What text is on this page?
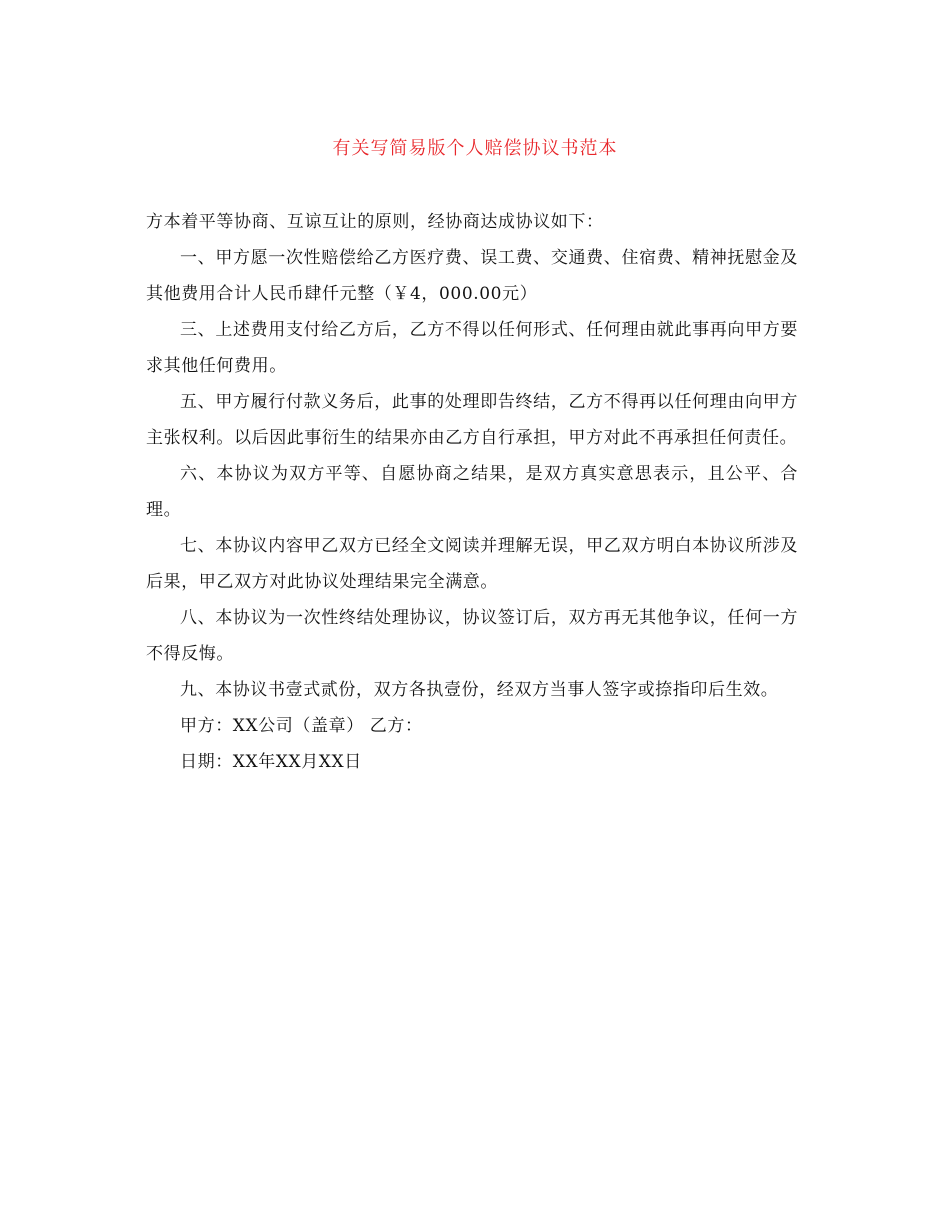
有关写简易版个人赔偿协议书范本

方本着平等协商、互谅互让的原则，经协商达成协议如下：

一、甲方愿一次性赔偿给乙方医疗费、误工费、交通费、住宿费、精神抚慰金及其他费用合计人民币肆仟元整（￥4，000.00元）

三、上述费用支付给乙方后，乙方不得以任何形式、任何理由就此事再向甲方要求其他任何费用。

五、甲方履行付款义务后，此事的处理即告终结，乙方不得再以任何理由向甲方主张权利。以后因此事衍生的结果亦由乙方自行承担，甲方对此不再承担任何责任。

六、本协议为双方平等、自愿协商之结果，是双方真实意思表示，且公平、合理。

七、本协议内容甲乙双方已经全文阅读并理解无误，甲乙双方明白本协议所涉及后果，甲乙双方对此协议处理结果完全满意。

八、本协议为一次性终结处理协议，协议签订后，双方再无其他争议，任何一方不得反悔。

九、本协议书壹式贰份，双方各执壹份，经双方当事人签字或捺指印后生效。

甲方：XX公司（盖章） 乙方：

日期：XX年XX月XX日
